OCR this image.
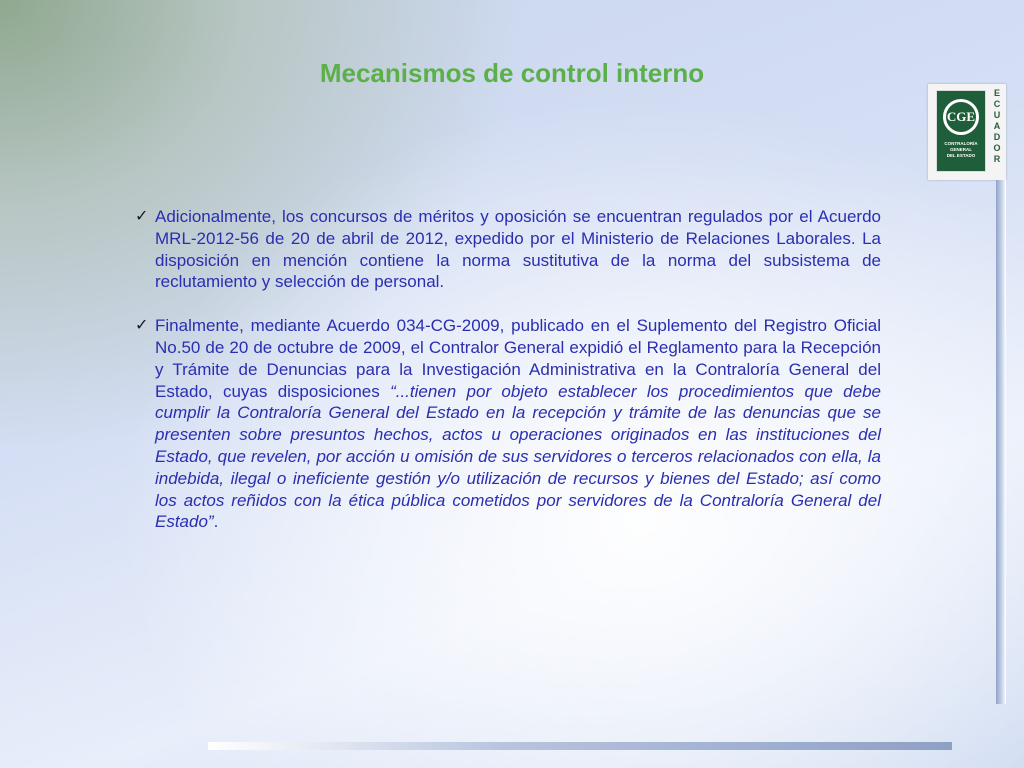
Mecanismos de control interno
CGE
CONTRALORÍA
GENERAL
DEL ESTADO
E
C
U
A
D
O
R

✓ Adicionalmente, los concursos de méritos y oposición se encuentran regulados por el Acuerdo MRL-2012-56 de 20 de abril de 2012, expedido por el Ministerio de Relaciones Laborales. La disposición en mención contiene la norma sustitutiva de la norma del subsistema de reclutamiento y selección de personal.

✓ Finalmente, mediante Acuerdo 034-CG-2009, publicado en el Suplemento del Registro Oficial No.50 de 20 de octubre de 2009, el Contralor General expidió el Reglamento para la Recepción y Trámite de Denuncias para la Investigación Administrativa en la Contraloría General del Estado, cuyas disposiciones “...tienen por objeto establecer los procedimientos que debe cumplir la Contraloría General del Estado en la recepción y trámite de las denuncias que se presenten sobre presuntos hechos, actos u operaciones originados en las instituciones del Estado, que revelen, por acción u omisión de sus servidores o terceros relacionados con ella, la indebida, ilegal o ineficiente gestión y/o utilización de recursos y bienes del Estado; así como los actos reñidos con la ética pública cometidos por servidores de la Contraloría General del Estado”.
